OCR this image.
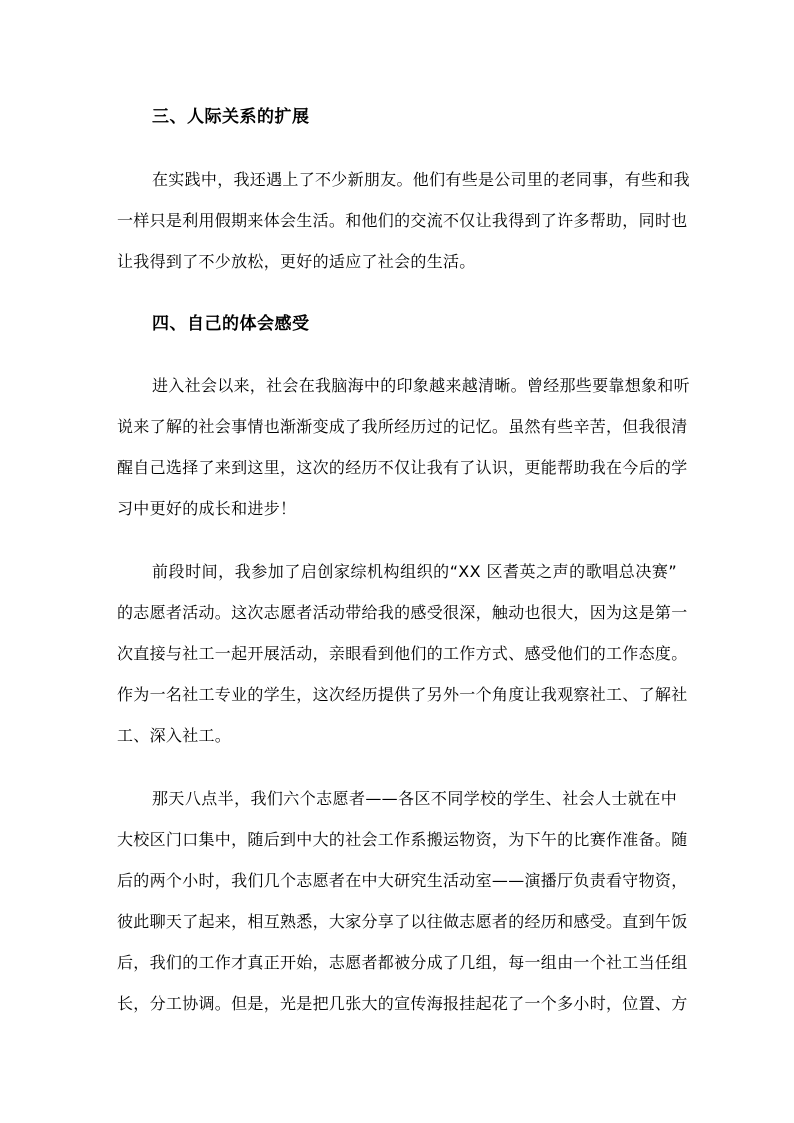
三、人际关系的扩展
在实践中，我还遇上了不少新朋友。他们有些是公司里的老同事，有些和我
一样只是利用假期来体会生活。和他们的交流不仅让我得到了许多帮助，同时也
让我得到了不少放松，更好的适应了社会的生活。
四、自己的体会感受
进入社会以来，社会在我脑海中的印象越来越清晰。曾经那些要靠想象和听
说来了解的社会事情也渐渐变成了我所经历过的记忆。虽然有些辛苦，但我很清
醒自己选择了来到这里，这次的经历不仅让我有了认识，更能帮助我在今后的学
习中更好的成长和进步！
前段时间，我参加了启创家综机构组织的“XX 区耆英之声的歌唱总决赛”
的志愿者活动。这次志愿者活动带给我的感受很深，触动也很大，因为这是第一
次直接与社工一起开展活动，亲眼看到他们的工作方式、感受他们的工作态度。
作为一名社工专业的学生，这次经历提供了另外一个角度让我观察社工、了解社
工、深入社工。
那天八点半，我们六个志愿者——各区不同学校的学生、社会人士就在中
大校区门口集中，随后到中大的社会工作系搬运物资，为下午的比赛作准备。随
后的两个小时，我们几个志愿者在中大研究生活动室——演播厅负责看守物资，
彼此聊天了起来，相互熟悉，大家分享了以往做志愿者的经历和感受。直到午饭
后，我们的工作才真正开始，志愿者都被分成了几组，每一组由一个社工当任组
长，分工协调。但是，光是把几张大的宣传海报挂起花了一个多小时，位置、方
